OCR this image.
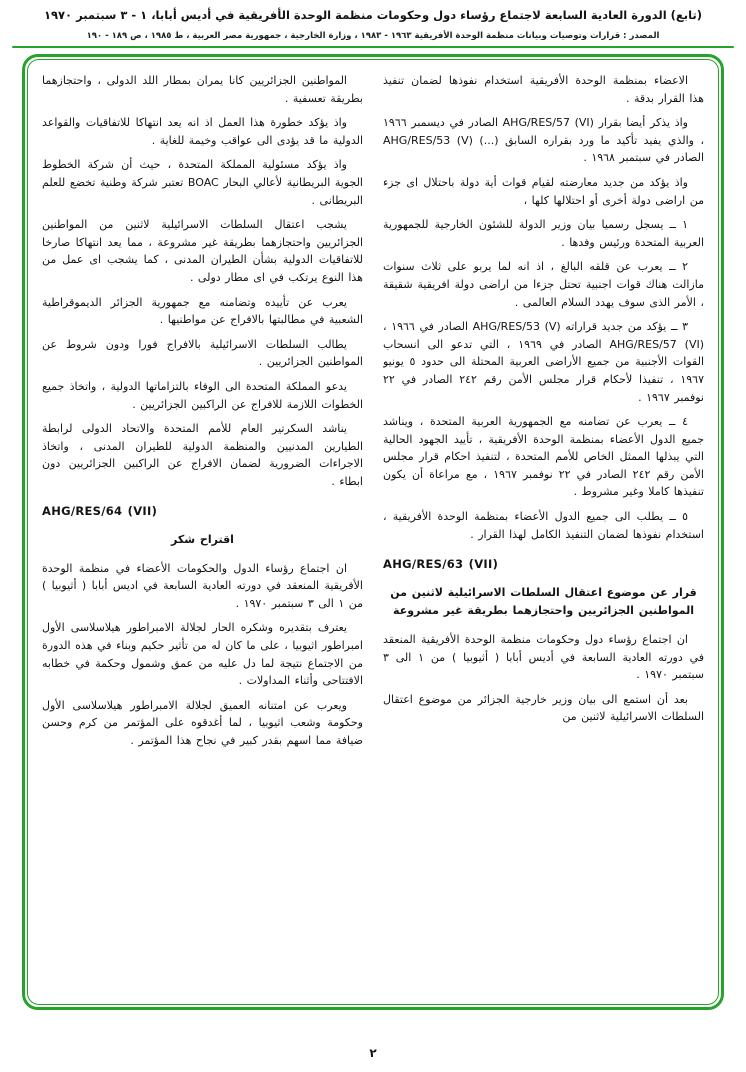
(تابع) الدورة العادية السابعة لاجتماع رؤساء دول وحكومات منظمة الوحدة الأفريقية في أديس أبابا، ١ - ٣ سبتمبر ١٩٧٠
المصدر : قرارات وتوصيات وبيانات منظمة الوحدة الأفريقية ١٩٦٣ - ١٩٨٣ ، وزارة الخارجية ، جمهورية مصر العربية ، ط ١٩٨٥ ، ص ١٨٩ - ١٩٠
الاعضاء بمنظمة الوحدة الأفريقية استخدام نفوذها لضمان تنفيذ هذا القرار بدقة .
واذ يذكر أيضا بقرار AHG/RES/57 (VI) الصادر في ديسمبر ١٩٦٦ ، والذي يفيد تأكيد ما ورد بقراره السابق (...) AHG/RES/53 (V) الصادر في سبتمبر ١٩٦٨ .
واذ يؤكد من جديد معارضته لقيام قوات أية دولة باحتلال اى جزء من اراضى دولة أخرى أو احتلالها كلها ،
١ ــ يسجل رسميا بيان وزير الدولة للشئون الخارجية للجمهورية العربية المتحدة ورئيس وفدها .
٢ ــ يعرب عن قلقه البالغ ، اذ انه لما يربو على ثلاث سنوات مازالت هناك قوات اجنبية تحتل جزءا من اراضى دولة افريقية شقيقة ، الأمر الذى سوف يهدد السلام العالمى .
٣ ــ يؤكد من جديد قراراته AHG/RES/53 (V) الصادر في ١٩٦٦ ، AHG/RES/57 (VI) الصادر في ١٩٦٩ ، التي تدعو الى انسحاب القوات الأجنبية من جميع الأراضى العربية المحتلة الى حدود ٥ يونيو ١٩٦٧ ، تنفيذا لأحكام قرار مجلس الأمن رقم ٢٤٢ الصادر في ٢٢ نوفمبر ١٩٦٧ .
٤ ــ يعرب عن تضامنه مع الجمهورية العربية المتحدة ، ويناشد جميع الدول الأعضاء بمنظمة الوحدة الأفريقية ، تأييد الجهود الحالية التي يبذلها الممثل الخاص للأمم المتحدة ، لتنفيذ احكام قرار مجلس الأمن رقم ٢٤٢ الصادر في ٢٢ نوفمبر ١٩٦٧ ، مع مراعاة أن يكون تنفيذها كاملا وغير مشروط .
٥ ــ يطلب الى جميع الدول الأعضاء بمنظمة الوحدة الأفريقية ، استخدام نفوذها لضمان التنفيذ الكامل لهذا القرار .
AHG/RES/63 (VII)
قرار عن موضوع اعتقال السلطات الاسرائيلية لاثنين من المواطنين الجزائريين واحتجازهما بطريقة غير مشروعة
ان اجتماع رؤساء دول وحكومات منظمة الوحدة الأفريقية المنعقد في دورته العادية السابعة في أديس أبابا ( أثيوبيا ) من ١ الى ٣ سبتمبر ١٩٧٠ .
بعد أن استمع الى بيان وزير خارجية الجزائر من موضوع اعتقال السلطات الاسرائيلية لاثنين من
المواطنين الجزائريين كانا يمران بمطار اللد الدولى ، واحتجازهما بطريقة تعسفية .
واذ يؤكد خطورة هذا العمل اذ انه يعد انتهاكا للاتفاقيات والقواعد الدولية ما قد يؤدى الى عواقب وخيمة للغاية .
واذ يؤكد مسئولية المملكة المتحدة ، حيث أن شركة الخطوط الجوية البريطانية لأعالي البحار BOAC تعتبر شركة وطنية تخضع للعلم البريطانى .
يشجب اعتقال السلطات الاسرائيلية لاثنين من المواطنين الجزائريين واحتجازهما بطريقة غير مشروعة ، مما يعد انتهاكا صارخا للاتفاقيات الدولية بشأن الطيران المدنى ، كما يشجب اى عمل من هذا النوع يرتكب في اى مطار دولى .
يعرب عن تأييده وتضامنه مع جمهورية الجزائر الديموقراطية الشعبية في مطالبتها بالافراج عن مواطنيها .
يطالب السلطات الاسرائيلية بالافراج فورا ودون شروط عن المواطنين الجزائريين .
يدعو المملكة المتحدة الى الوفاء بالتزاماتها الدولية ، واتخاذ جميع الخطوات اللازمة للافراج عن الراكبين الجزائريين .
يناشد السكرتير العام للأمم المتحدة والاتحاد الدولى لرابطة الطيارين المدنيين والمنظمة الدولية للطيران المدنى ، واتخاذ الاجراءات الضرورية لضمان الافراج عن الراكبين الجزائريين دون ابطاء .
AHG/RES/64 (VII)
اقتراح شكر
ان اجتماع رؤساء الدول والحكومات الأعضاء في منظمة الوحدة الأفريقية المنعقد في دورته العادية السابعة في اديس أبابا ( أثيوبيا ) من ١ الى ٣ سبتمبر ١٩٧٠ .
يعترف بتقديره وشكره الحار لجلالة الامبراطور هيلاسلاسى الأول امبراطور اثيوبيا ، على ما كان له من تأثير حكيم وبناء في هذه الدورة من الاجتماع نتيجة لما دل عليه من عمق وشمول وحكمة في خطابه الافتتاحى وأثناء المداولات .
ويعرب عن امتنانه العميق لجلالة الامبراطور هيلاسلاسى الأول وحكومة وشعب اثيوبيا ، لما أغدقوه على المؤتمر من كرم وحسن ضيافة مما اسهم بقدر كبير في نجاح هذا المؤتمر .
٢
